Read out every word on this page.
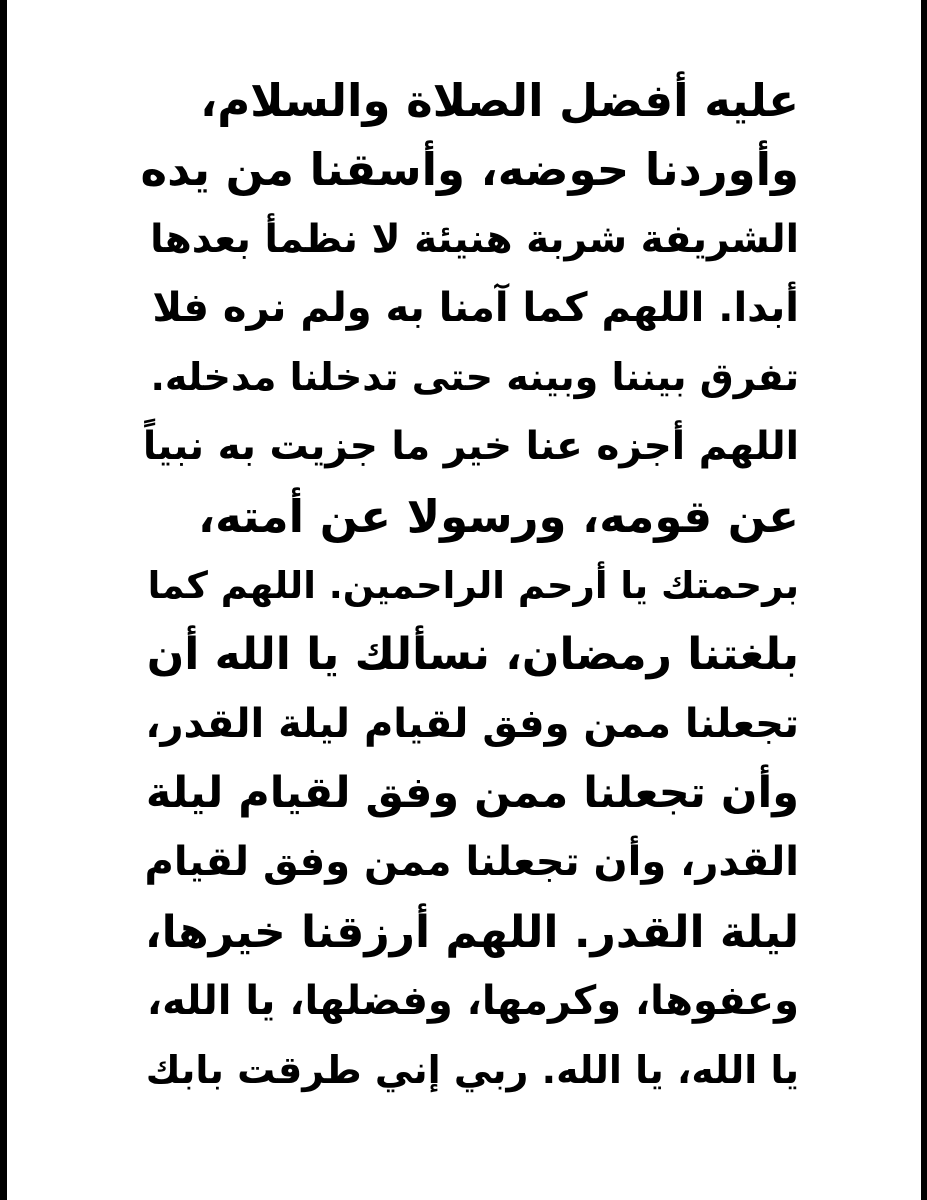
عليه أفضل الصلاة والسلام،
وأوردنا حوضه، وأسقنا من يده
الشريفة شربة هنيئة لا نظمأ بعدها
أبدا. اللهم كما آمنا به ولم نره فلا
تفرق بيننا وبينه حتى تدخلنا مدخله.
اللهم أجزه عنا خير ما جزيت به نبياً
عن قومه، ورسولا عن أمته،
برحمتك يا أرحم الراحمين. اللهم كما
بلغتنا رمضان، نسألك يا الله أن
تجعلنا ممن وفق لقيام ليلة القدر،
وأن تجعلنا ممن وفق لقيام ليلة
القدر، وأن تجعلنا ممن وفق لقيام
ليلة القدر. اللهم أرزقنا خيرها،
وعفوها، وكرمها، وفضلها، يا الله،
يا الله، يا الله. ربي إني طرقت بابك
